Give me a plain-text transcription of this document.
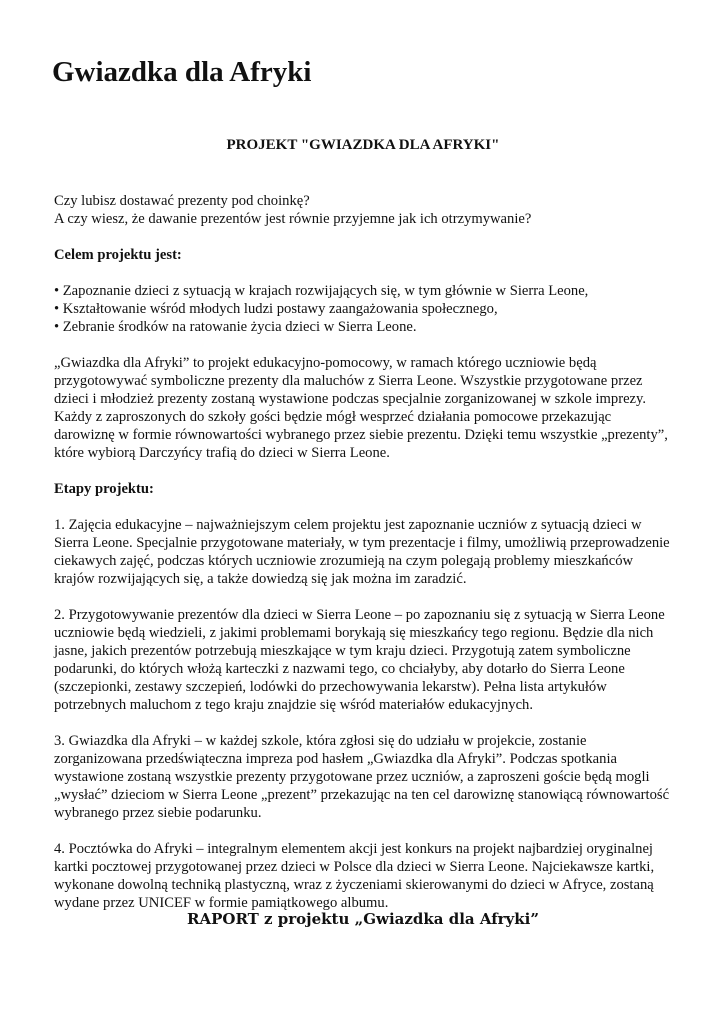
Gwiazdka dla Afryki

PROJEKT "GWIAZDKA DLA AFRYKI"

Czy lubisz dostawać prezenty pod choinkę?
A czy wiesz, że dawanie prezentów jest równie przyjemne jak ich otrzymywanie?

Celem projektu jest:

• Zapoznanie dzieci z sytuacją w krajach rozwijających się, w tym głównie w Sierra Leone,
• Kształtowanie wśród młodych ludzi postawy zaangażowania społecznego,
• Zebranie środków na ratowanie życia dzieci w Sierra Leone.

„Gwiazdka dla Afryki” to projekt edukacyjno-pomocowy, w ramach którego uczniowie będą przygotowywać symboliczne prezenty dla maluchów z Sierra Leone. Wszystkie przygotowane przez dzieci i młodzież prezenty zostaną wystawione podczas specjalnie zorganizowanej w szkole imprezy. Każdy z zaproszonych do szkoły gości będzie mógł wesprzeć działania pomocowe przekazując darowiznę w formie równowartości wybranego przez siebie prezentu. Dzięki temu wszystkie „prezenty”, które wybiorą Darczyńcy trafią do dzieci w Sierra Leone.

Etapy projektu:

1. Zajęcia edukacyjne – najważniejszym celem projektu jest zapoznanie uczniów z sytuacją dzieci w Sierra Leone. Specjalnie przygotowane materiały, w tym prezentacje i filmy, umożliwią przeprowadzenie ciekawych zajęć, podczas których uczniowie zrozumieją na czym polegają problemy mieszkańców krajów rozwijających się, a także dowiedzą się jak można im zaradzić.

2. Przygotowywanie prezentów dla dzieci w Sierra Leone – po zapoznaniu się z sytuacją w Sierra Leone uczniowie będą wiedzieli, z jakimi problemami borykają się mieszkańcy tego regionu. Będzie dla nich jasne, jakich prezentów potrzebują mieszkające w tym kraju dzieci. Przygotują zatem symboliczne podarunki, do których włożą karteczki z nazwami tego, co chciałyby, aby dotarło do Sierra Leone (szczepionki, zestawy szczepień, lodówki do przechowywania lekarstw). Pełna lista artykułów potrzebnych maluchom z tego kraju znajdzie się wśród materiałów edukacyjnych.

3. Gwiazdka dla Afryki – w każdej szkole, która zgłosi się do udziału w projekcie, zostanie zorganizowana przedświąteczna impreza pod hasłem „Gwiazdka dla Afryki”. Podczas spotkania wystawione zostaną wszystkie prezenty przygotowane przez uczniów, a zaproszeni goście będą mogli „wysłać” dzieciom w Sierra Leone „prezent” przekazując na ten cel darowiznę stanowiącą równowartość wybranego przez siebie podarunku.

4. Pocztówka do Afryki – integralnym elementem akcji jest konkurs na projekt najbardziej oryginalnej kartki pocztowej przygotowanej przez dzieci w Polsce dla dzieci w Sierra Leone. Najciekawsze kartki, wykonane dowolną techniką plastyczną, wraz z życzeniami skierowanymi do dzieci w Afryce, zostaną wydane przez UNICEF w formie pamiątkowego albumu.

RAPORT z projektu „Gwiazdka dla Afryki”
